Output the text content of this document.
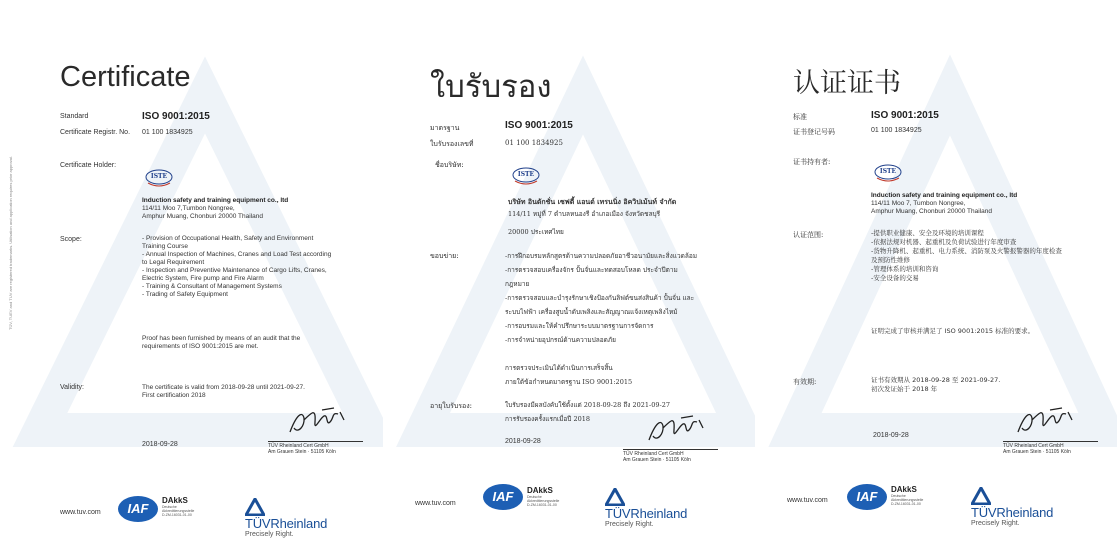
TÜV, TUEV and TUV are registered trademarks. Utilisation and application requires prior approval.
Certificate
Standard	ISO 9001:2015
Certificate Registr. No. 01 100 1834925
Certificate Holder:
ISTE
Induction safety and training equipment co., ltd
114/11 Moo 7,Tumbon Nongree,
Amphur Muang, Chonburi 20000 Thailand
Scope:	- Provision of Occupational Health, Safety and Environment
Training Course
- Annual Inspection of Machines, Cranes and Load Test according
to Legal Requirement
- Inspection and Preventive Maintenance of Cargo Lifts, Cranes,
Electric System, Fire pump and Fire Alarm
- Training & Consultant of Management Systems
- Trading of Safety Equipment
Proof has been furnished by means of an audit that the
requirements of ISO 9001:2015 are met.
Validity:	The certificate is valid from 2018-09-28 until 2021-09-27.
First certification 2018
TÜV Rheinland Cert GmbH
Am Grauen Stein · 51105 Köln
2018-09-28
www.tuv.com	IAF
DAkkS
Deutsche
Akkreditierungsstelle
D-ZM-16031-01-00
TÜVRheinland
Precisely Right.
ใบรับรอง
มาตรฐาน	ISO 9001:2015
ใบรับรองเลขที่	01 100 1834925
ชื่อบริษัท:
ISTE
บริษัท อินดักชั่น เซฟตี้ แอนด์ เทรนนิ่ง อิควิปเม้นท์ จำกัด
114/11 หมู่ที่ 7 ตำบลหนองรี อำเภอเมือง จังหวัดชลบุรี
20000 ประเทศไทย
ขอบข่าย:	-การฝึกอบรมหลักสูตรด้านความปลอดภัยอาชีวอนามัยและสิ่งแวดล้อม
-การตรวจสอบเครื่องจักร ปั้นจั่นและทดสอบโหลด ประจำปีตาม
กฎหมาย
-การตรวจสอบและบำรุงรักษาเชิงป้องกันลิฟต์ขนส่งสินค้า ปั้นจั่น และ
ระบบไฟฟ้า เครื่องสูบน้ำดับเพลิงและสัญญาณแจ้งเหตุเพลิงไหม้
-การอบรมและให้คำปรึกษาระบบมาตรฐานการจัดการ
-การจำหน่ายอุปกรณ์ด้านความปลอดภัย
การตรวจประเมินได้ดำเนินการเสร็จสิ้น
ภายใต้ข้อกำหนดมาตรฐาน ISO 9001:2015
อายุใบรับรอง:	ใบรับรองมีผลบังคับใช้ตั้งแต่ 2018-09-28 ถึง 2021-09-27
การรับรองครั้งแรกเมื่อปี 2018
TÜV Rheinland Cert GmbH
Am Grauen Stein · 51105 Köln
2018-09-28
www.tuv.com	IAF	DAkkS
Deutsche
Akkreditierungsstelle
D-ZM-16031-01-00
TÜVRheinland
Precisely Right.
认证证书
标准	ISO 9001:2015
证书登记号码	01 100 1834925
证书持有者:
ISTE
Induction safety and training equipment co., ltd
114/11 Moo 7, Tumbon Nongree,
Amphur Muang, Chonburi 20000 Thailand
认证范围:	-提供职业健康、安全及环境的培训课程
-依据法规对机器、起重机及负荷试验进行年度审查
-货物升降机、起重机、电力系统、消防泵及火警报警器的年度检查
及预防性维修
-管理体系的培训和咨询
-安全设备的交易
证明完成了审核并满足了 ISO 9001:2015 标准的要求。
有效期:	证书有效期从 2018-09-28 至 2021-09-27.
初次发证始于 2018 年
TÜV Rheinland Cert GmbH
Am Grauen Stein · 51105 Köln
2018-09-28
www.tuv.com	IAF	DAkkS
Deutsche
Akkreditierungsstelle
D-ZM-16031-01-00
TÜVRheinland
Precisely Right.
